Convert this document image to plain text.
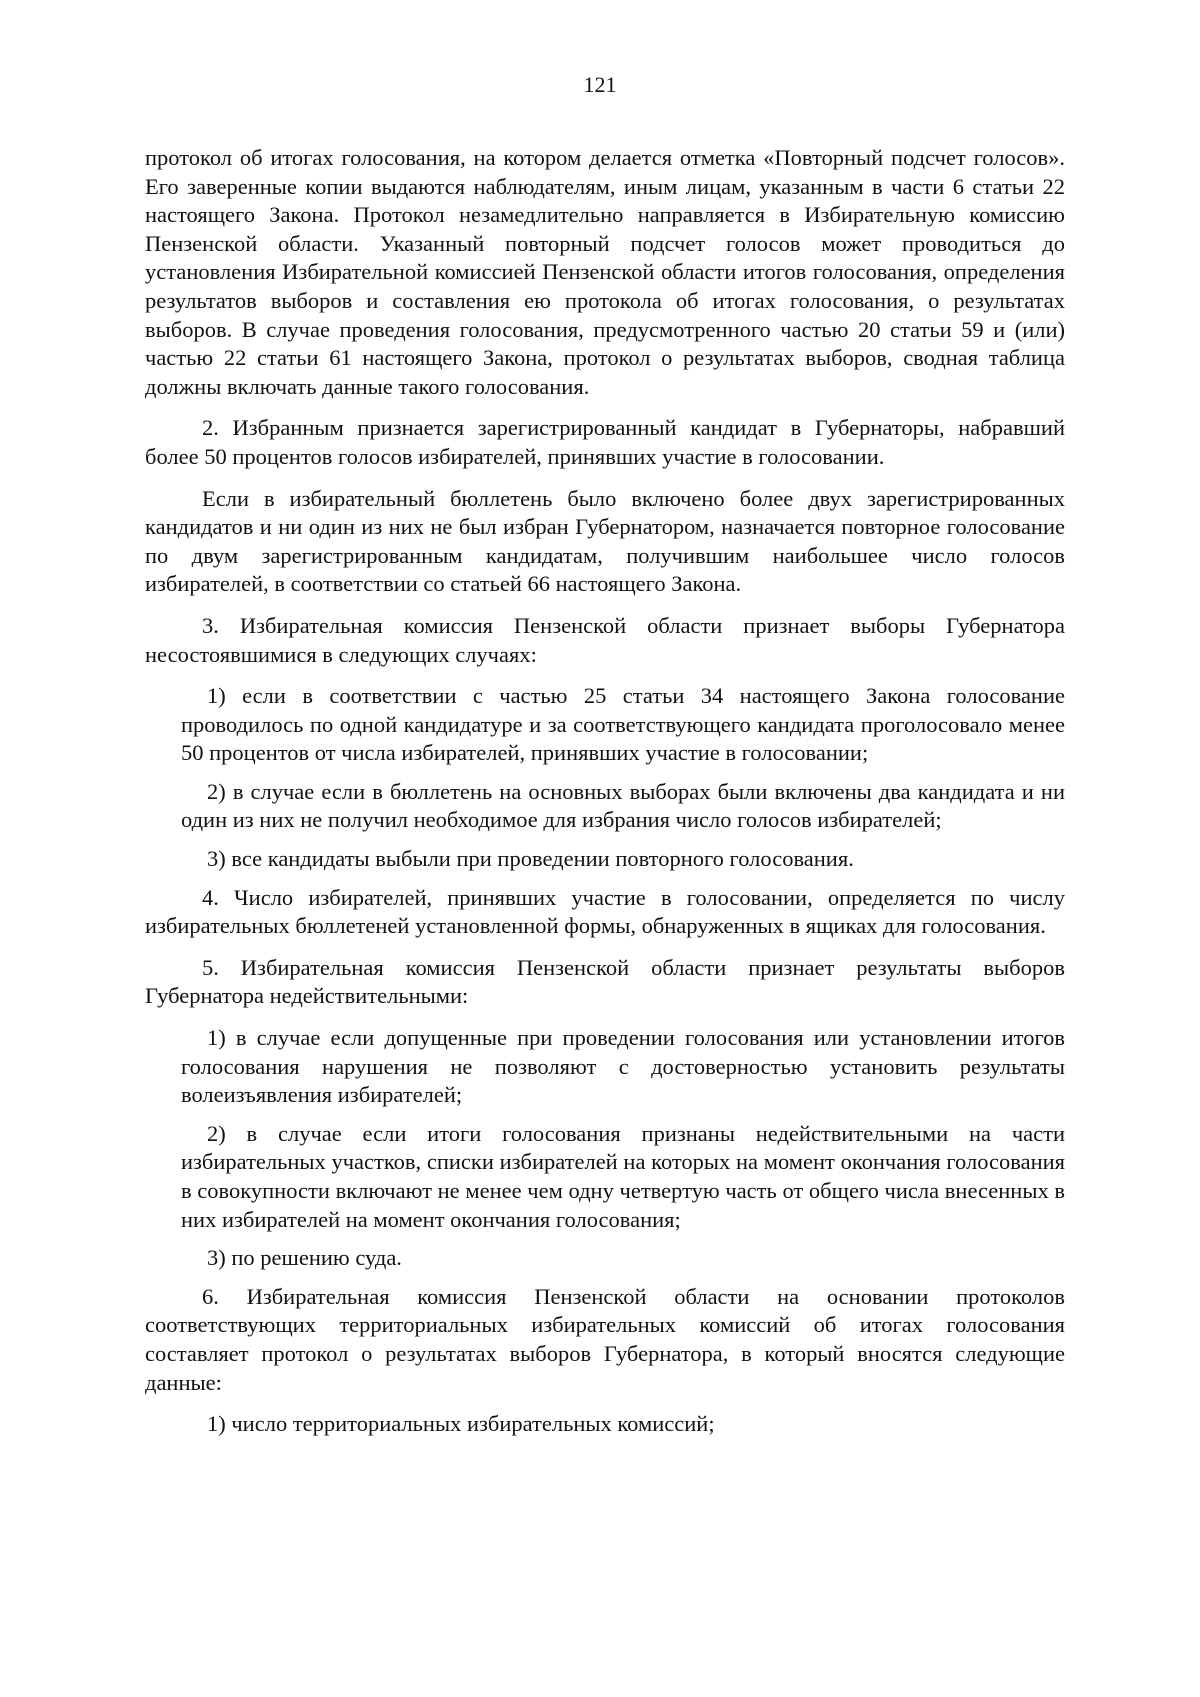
121

протокол об итогах голосования, на котором делается отметка «Повторный подсчет голосов». Его заверенные копии выдаются наблюдателям, иным лицам, указанным в части 6 статьи 22 настоящего Закона. Протокол незамедлительно направляется в Избирательную комиссию Пензенской области. Указанный повторный подсчет голосов может проводиться до установления Избирательной комиссией Пензенской области итогов голосования, определения результатов выборов и составления ею протокола об итогах голосования, о результатах выборов. В случае проведения голосования, предусмотренного частью 20 статьи 59 и (или) частью 22 статьи 61 настоящего Закона, протокол о результатах выборов, сводная таблица должны включать данные такого голосования.

2. Избранным признается зарегистрированный кандидат в Губернаторы, набравший более 50 процентов голосов избирателей, принявших участие в голосовании.

Если в избирательный бюллетень было включено более двух зарегистрированных кандидатов и ни один из них не был избран Губернатором, назначается повторное голосование по двум зарегистрированным кандидатам, получившим наибольшее число голосов избирателей, в соответствии со статьей 66 настоящего Закона.

3. Избирательная комиссия Пензенской области признает выборы Губернатора несостоявшимися в следующих случаях:

1) если в соответствии с частью 25 статьи 34 настоящего Закона голосование проводилось по одной кандидатуре и за соответствующего кандидата проголосовало менее 50 процентов от числа избирателей, принявших участие в голосовании;

2) в случае если в бюллетень на основных выборах были включены два кандидата и ни один из них не получил необходимое для избрания число голосов избирателей;

3) все кандидаты выбыли при проведении повторного голосования.

4. Число избирателей, принявших участие в голосовании, определяется по числу избирательных бюллетеней установленной формы, обнаруженных в ящиках для голосования.

5. Избирательная комиссия Пензенской области признает результаты выборов Губернатора недействительными:

1) в случае если допущенные при проведении голосования или установлении итогов голосования нарушения не позволяют с достоверностью установить результаты волеизъявления избирателей;

2) в случае если итоги голосования признаны недействительными на части избирательных участков, списки избирателей на которых на момент окончания голосования в совокупности включают не менее чем одну четвертую часть от общего числа внесенных в них избирателей на момент окончания голосования;

3) по решению суда.

6. Избирательная комиссия Пензенской области на основании протоколов соответствующих территориальных избирательных комиссий об итогах голосования составляет протокол о результатах выборов Губернатора, в который вносятся следующие данные:

1) число территориальных избирательных комиссий;
